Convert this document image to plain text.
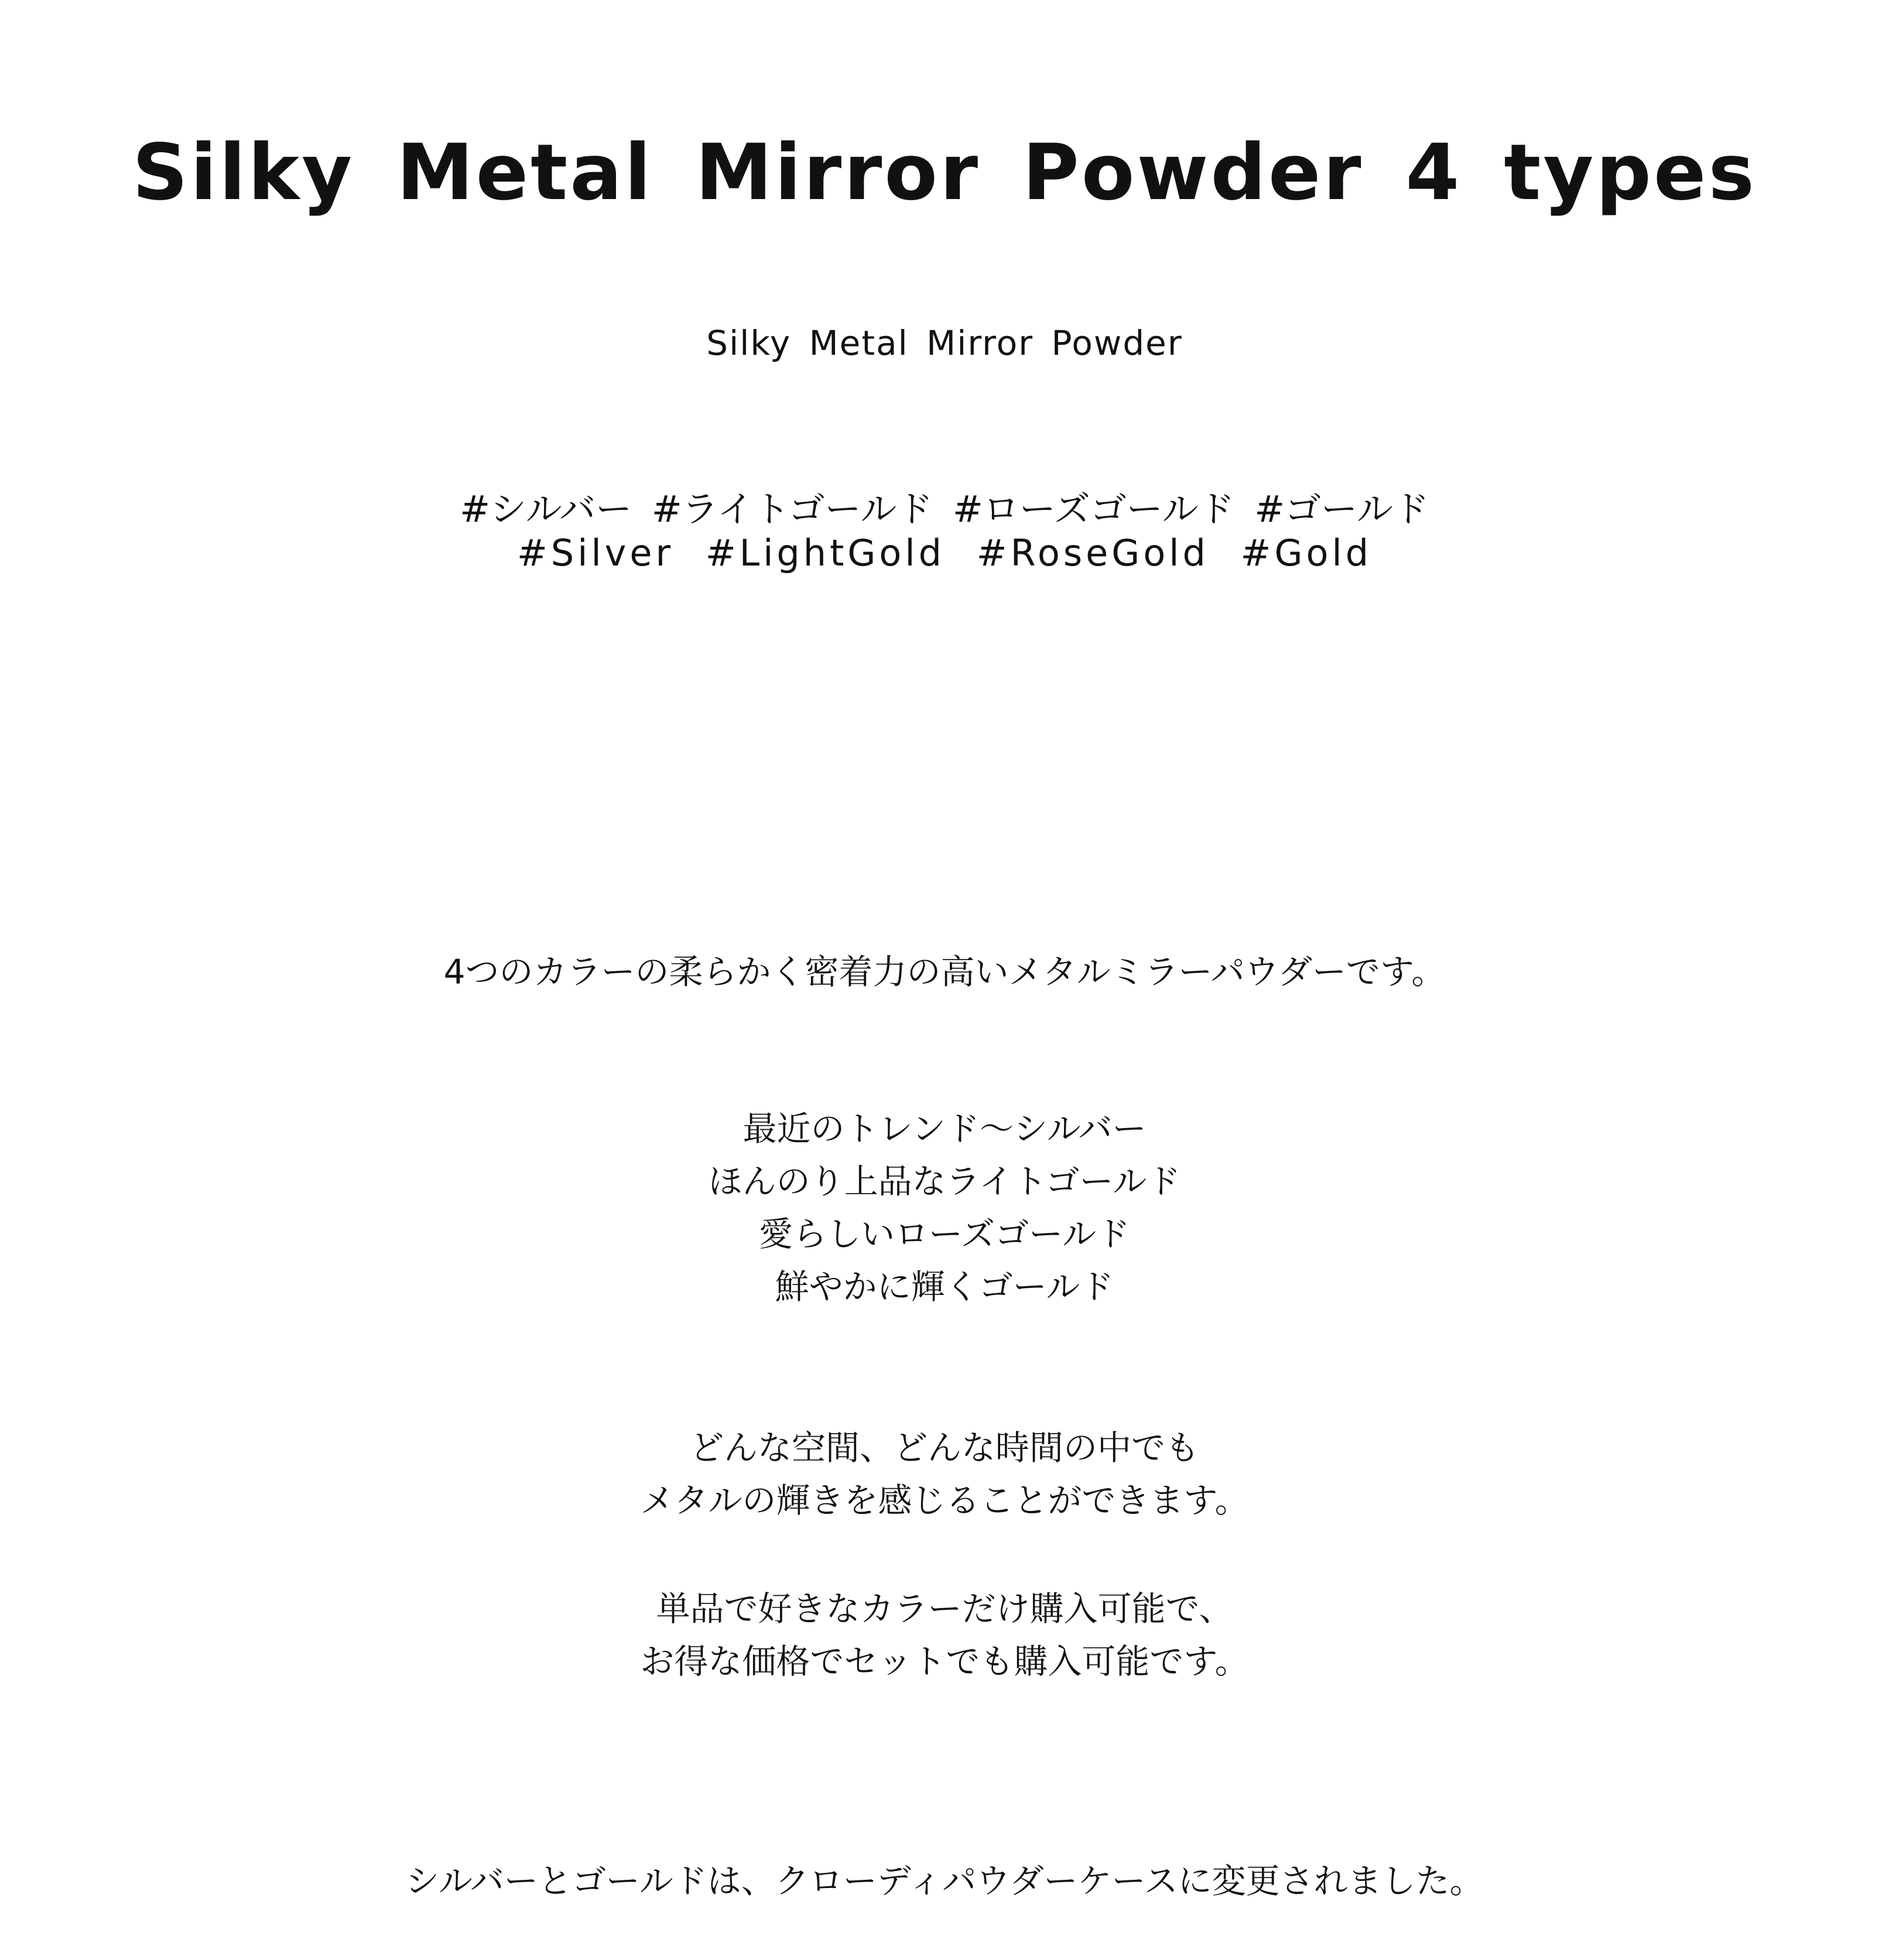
Silky Metal Mirror Powder 4 types

Silky Metal Mirror Powder

#シルバー #ライトゴールド #ローズゴールド #ゴールド

#Silver #LightGold #RoseGold #Gold

4つのカラーの柔らかく密着力の高いメタルミラーパウダーです。

最近のトレンド〜シルバー

ほんのり上品なライトゴールド

愛らしいローズゴールド

鮮やかに輝くゴールド

どんな空間、どんな時間の中でも

メタルの輝きを感じることができます。

単品で好きなカラーだけ購入可能で、

お得な価格でセットでも購入可能です。

シルバーとゴールドは、クローディパウダーケースに変更されました。
